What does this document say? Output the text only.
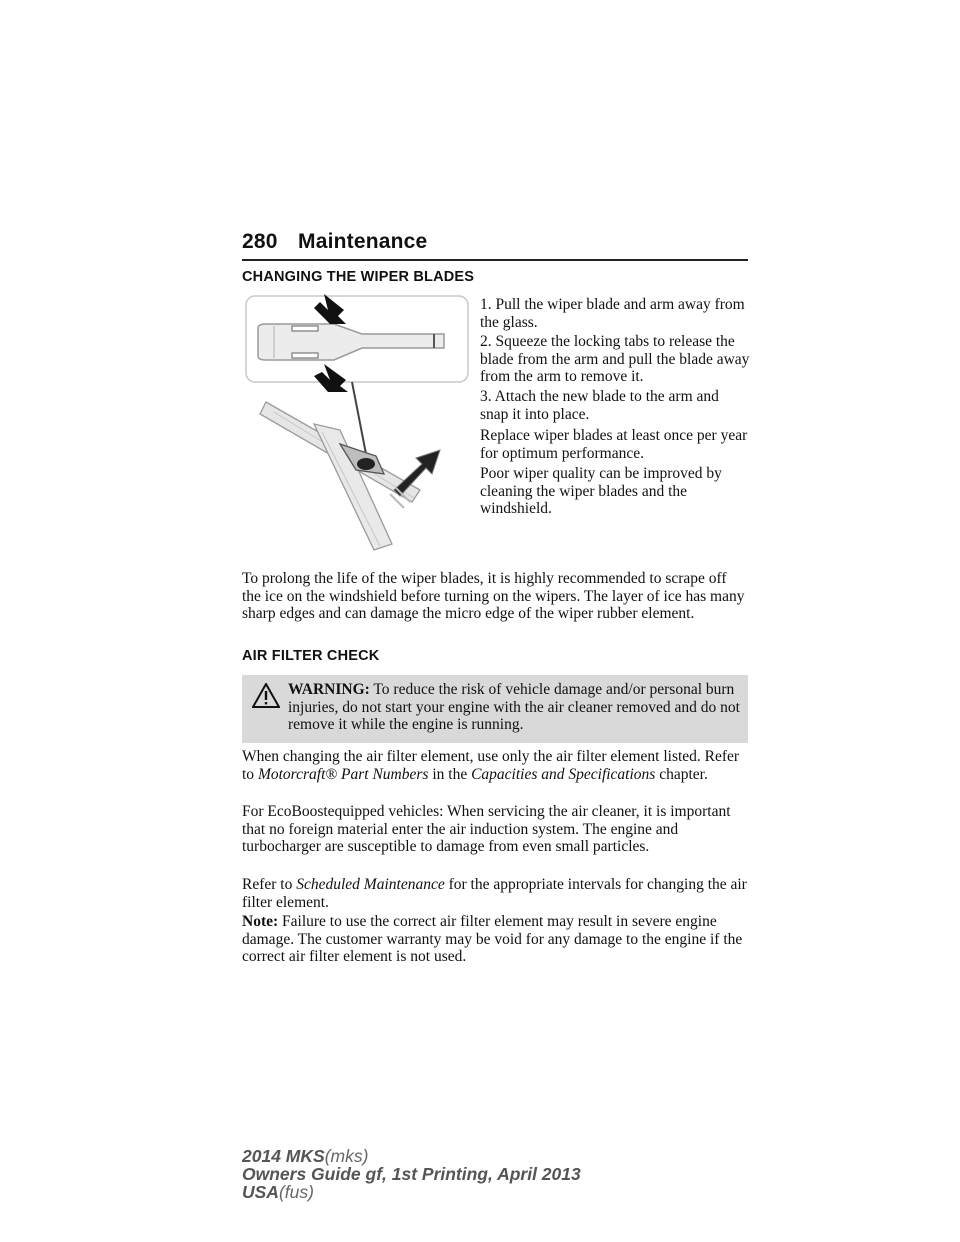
280 Maintenance
CHANGING THE WIPER BLADES

1. Pull the wiper blade and arm away from the glass.

2. Squeeze the locking tabs to release the blade from the arm and pull the blade away from the arm to remove it.

3. Attach the new blade to the arm and snap it into place.

Replace wiper blades at least once per year for optimum performance.

Poor wiper quality can be improved by cleaning the wiper blades and the windshield.

To prolong the life of the wiper blades, it is highly recommended to scrape off the ice on the windshield before turning on the wipers. The layer of ice has many sharp edges and can damage the micro edge of the wiper rubber element.

AIR FILTER CHECK
WARNING: To reduce the risk of vehicle damage and/or personal burn injuries, do not start your engine with the air cleaner removed and do not remove it while the engine is running.

When changing the air filter element, use only the air filter element listed. Refer to Motorcraft® Part Numbers in the Capacities and Specifications chapter.

For EcoBoostequipped vehicles: When servicing the air cleaner, it is important that no foreign material enter the air induction system. The engine and turbocharger are susceptible to damage from even small particles.

Refer to Scheduled Maintenance for the appropriate intervals for changing the air filter element.

Note: Failure to use the correct air filter element may result in severe engine damage. The customer warranty may be void for any damage to the engine if the correct air filter element is not used.

2014 MKS(mks)
Owners Guide gf, 1st Printing, April 2013
USA(fus)
